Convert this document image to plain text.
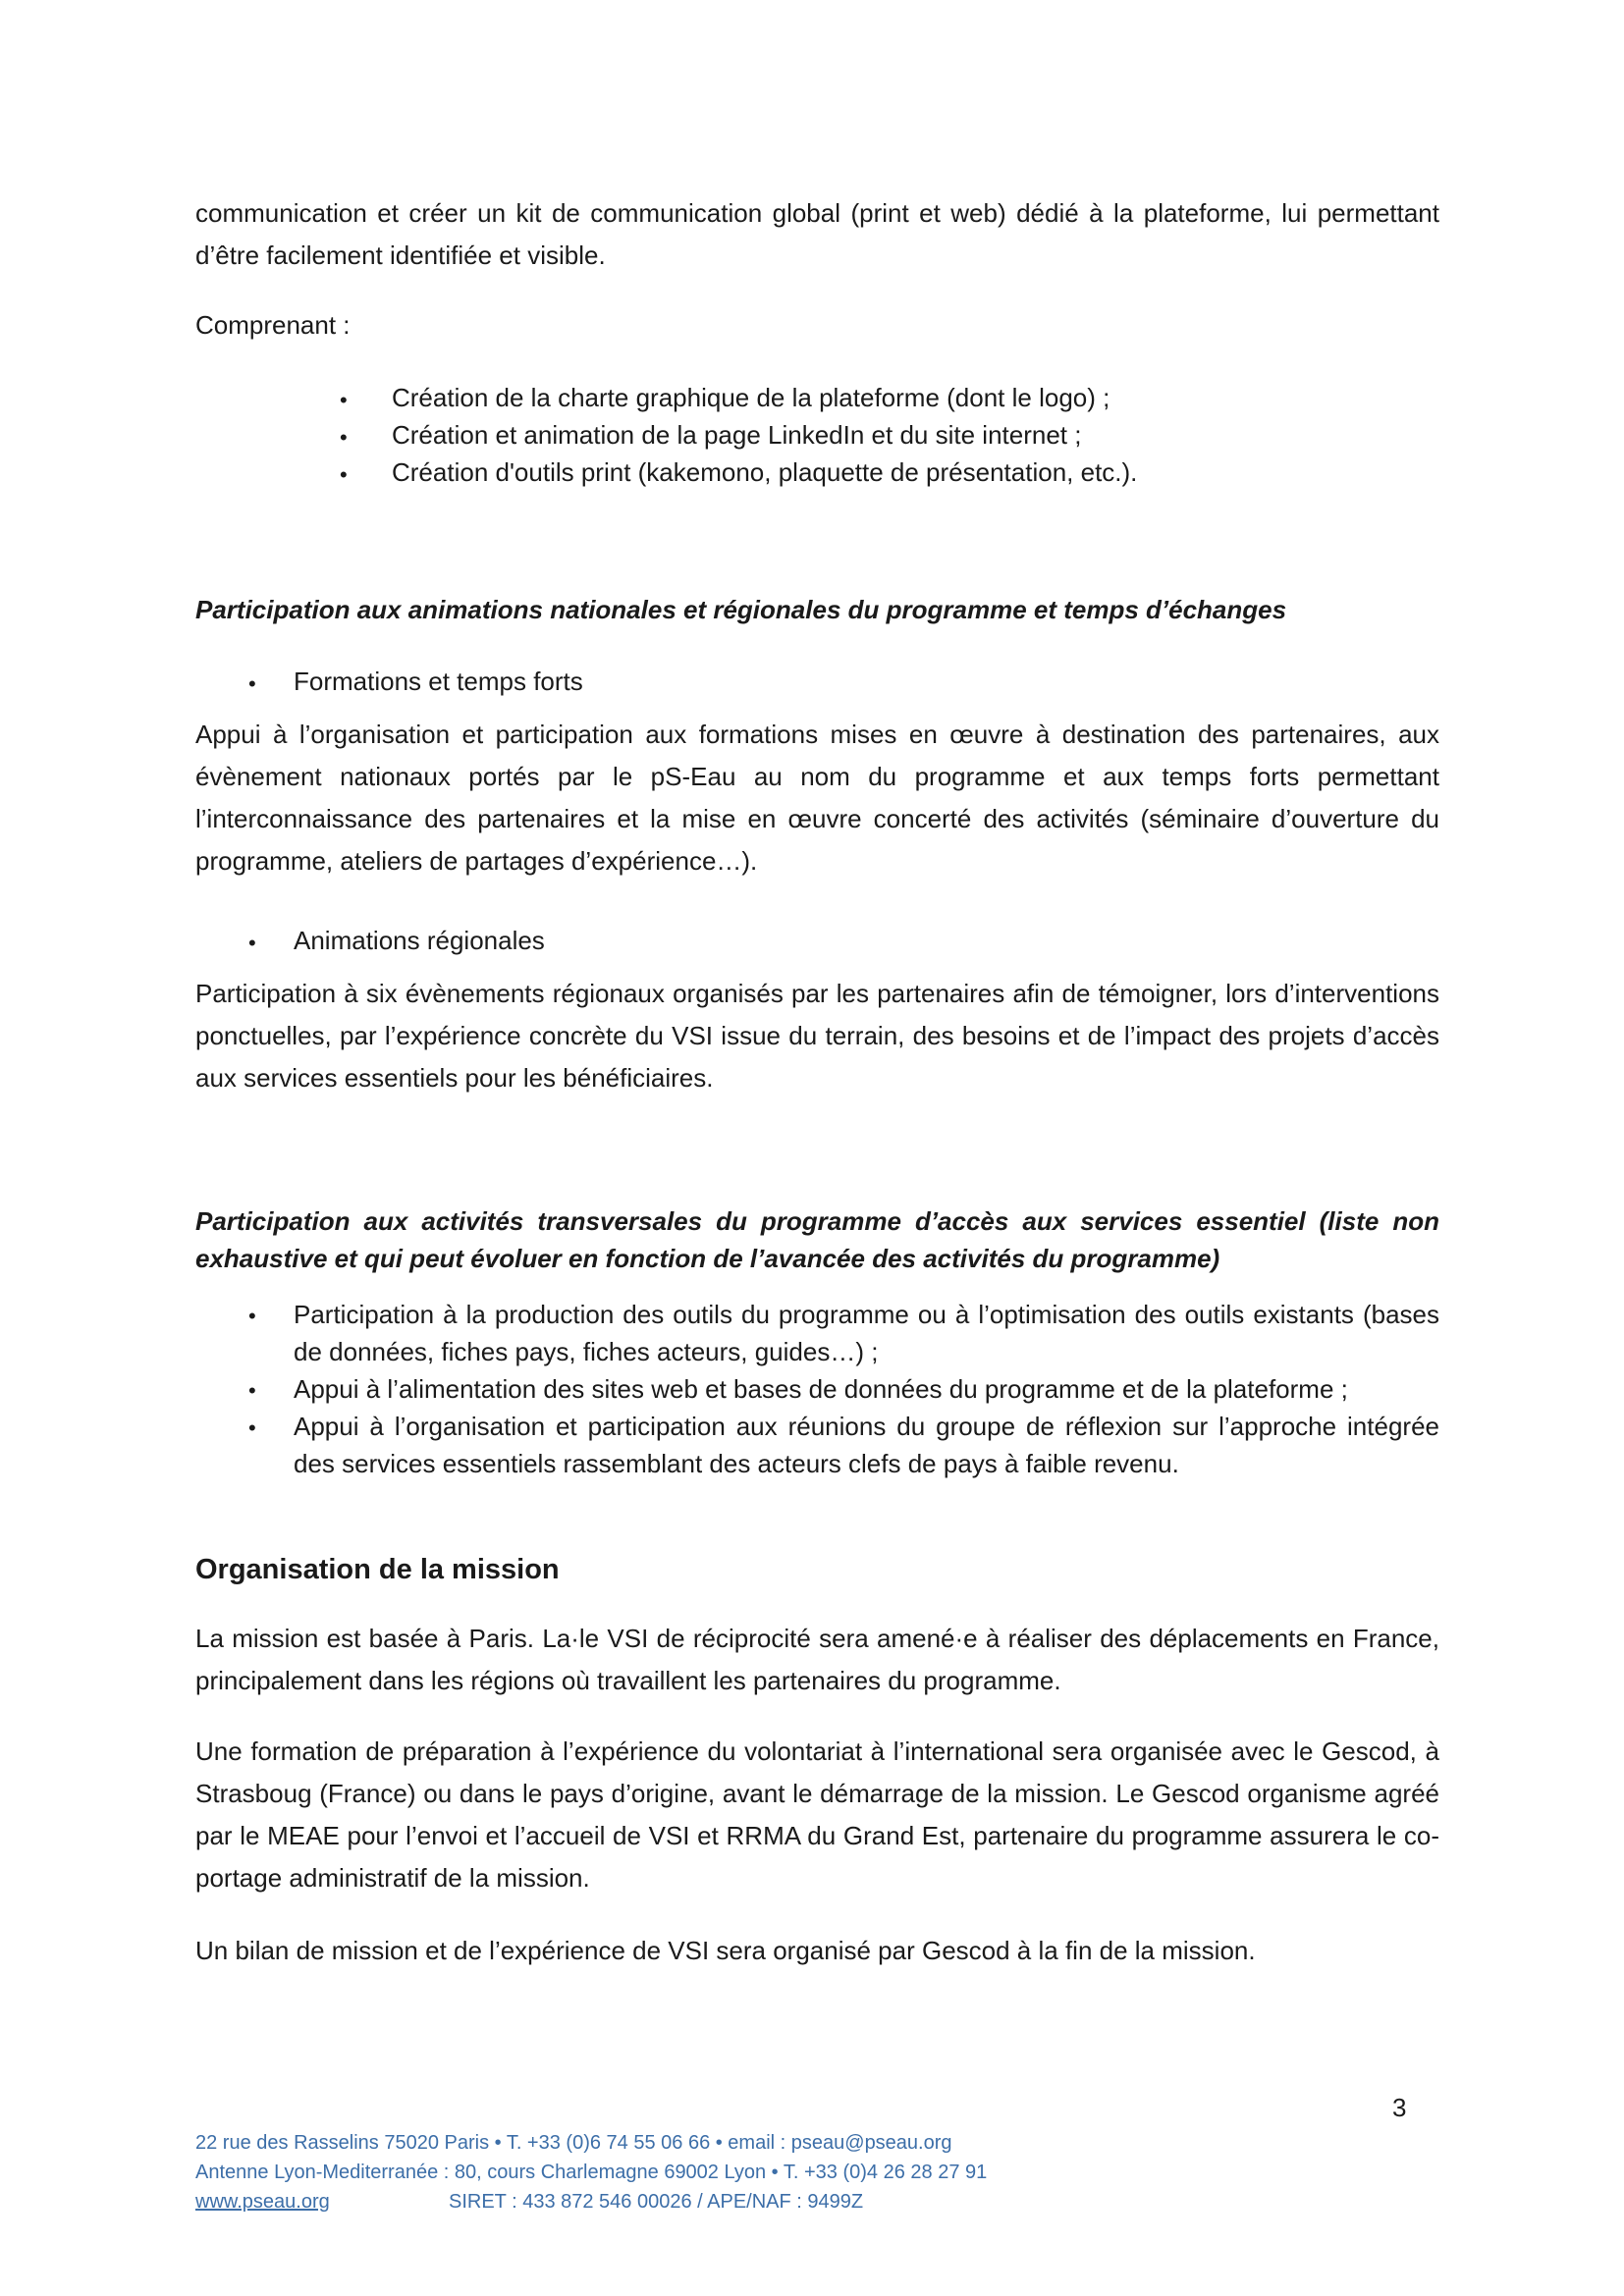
communication et créer un kit de communication global (print et web) dédié à la plateforme, lui permettant d’être facilement identifiée et visible.

Comprenant :

• Création de la charte graphique de la plateforme (dont le logo) ;
• Création et animation de la page LinkedIn et du site internet ;
• Création d'outils print (kakemono, plaquette de présentation, etc.).
Participation aux animations nationales et régionales du programme et temps d’échanges
• Formations et temps forts

Appui à l’organisation et participation aux formations mises en œuvre à destination des partenaires, aux évènement nationaux portés par le pS-Eau au nom du programme et aux temps forts permettant l’interconnaissance des partenaires et la mise en œuvre concerté des activités (séminaire d’ouverture du programme, ateliers de partages d’expérience…).

• Animations régionales

Participation à six évènements régionaux organisés par les partenaires afin de témoigner, lors d’interventions ponctuelles, par l’expérience concrète du VSI issue du terrain, des besoins et de l’impact des projets d’accès aux services essentiels pour les bénéficiaires.

Participation aux activités transversales du programme d’accès aux services essentiel (liste non exhaustive et qui peut évoluer en fonction de l’avancée des activités du programme)

• Participation à la production des outils du programme ou à l’optimisation des outils existants (bases de données, fiches pays, fiches acteurs, guides…) ;

• Appui à l’alimentation des sites web et bases de données du programme et de la plateforme ;

• Appui à l’organisation et participation aux réunions du groupe de réflexion sur l’approche intégrée des services essentiels rassemblant des acteurs clefs de pays à faible revenu.

Organisation de la mission

La mission est basée à Paris. La·le VSI de réciprocité sera amené·e à réaliser des déplacements en France, principalement dans les régions où travaillent les partenaires du programme.

Une formation de préparation à l’expérience du volontariat à l’international sera organisée avec le Gescod, à Strasboug (France) ou dans le pays d’origine, avant le démarrage de la mission. Le Gescod organisme agréé par le MEAE pour l’envoi et l’accueil de VSI et RRMA du Grand Est, partenaire du programme assurera le co-portage administratif de la mission.

Un bilan de mission et de l’expérience de VSI sera organisé par Gescod à la fin de la mission.

3
22 rue des Rasselins 75020 Paris • T. +33 (0)6 74 55 06 66 • email : pseau@pseau.org
Antenne Lyon-Mediterranée : 80, cours Charlemagne 69002 Lyon • T. +33 (0)4 26 28 27 91
www.pseau.org	SIRET : 433 872 546 00026 / APE/NAF : 9499Z
